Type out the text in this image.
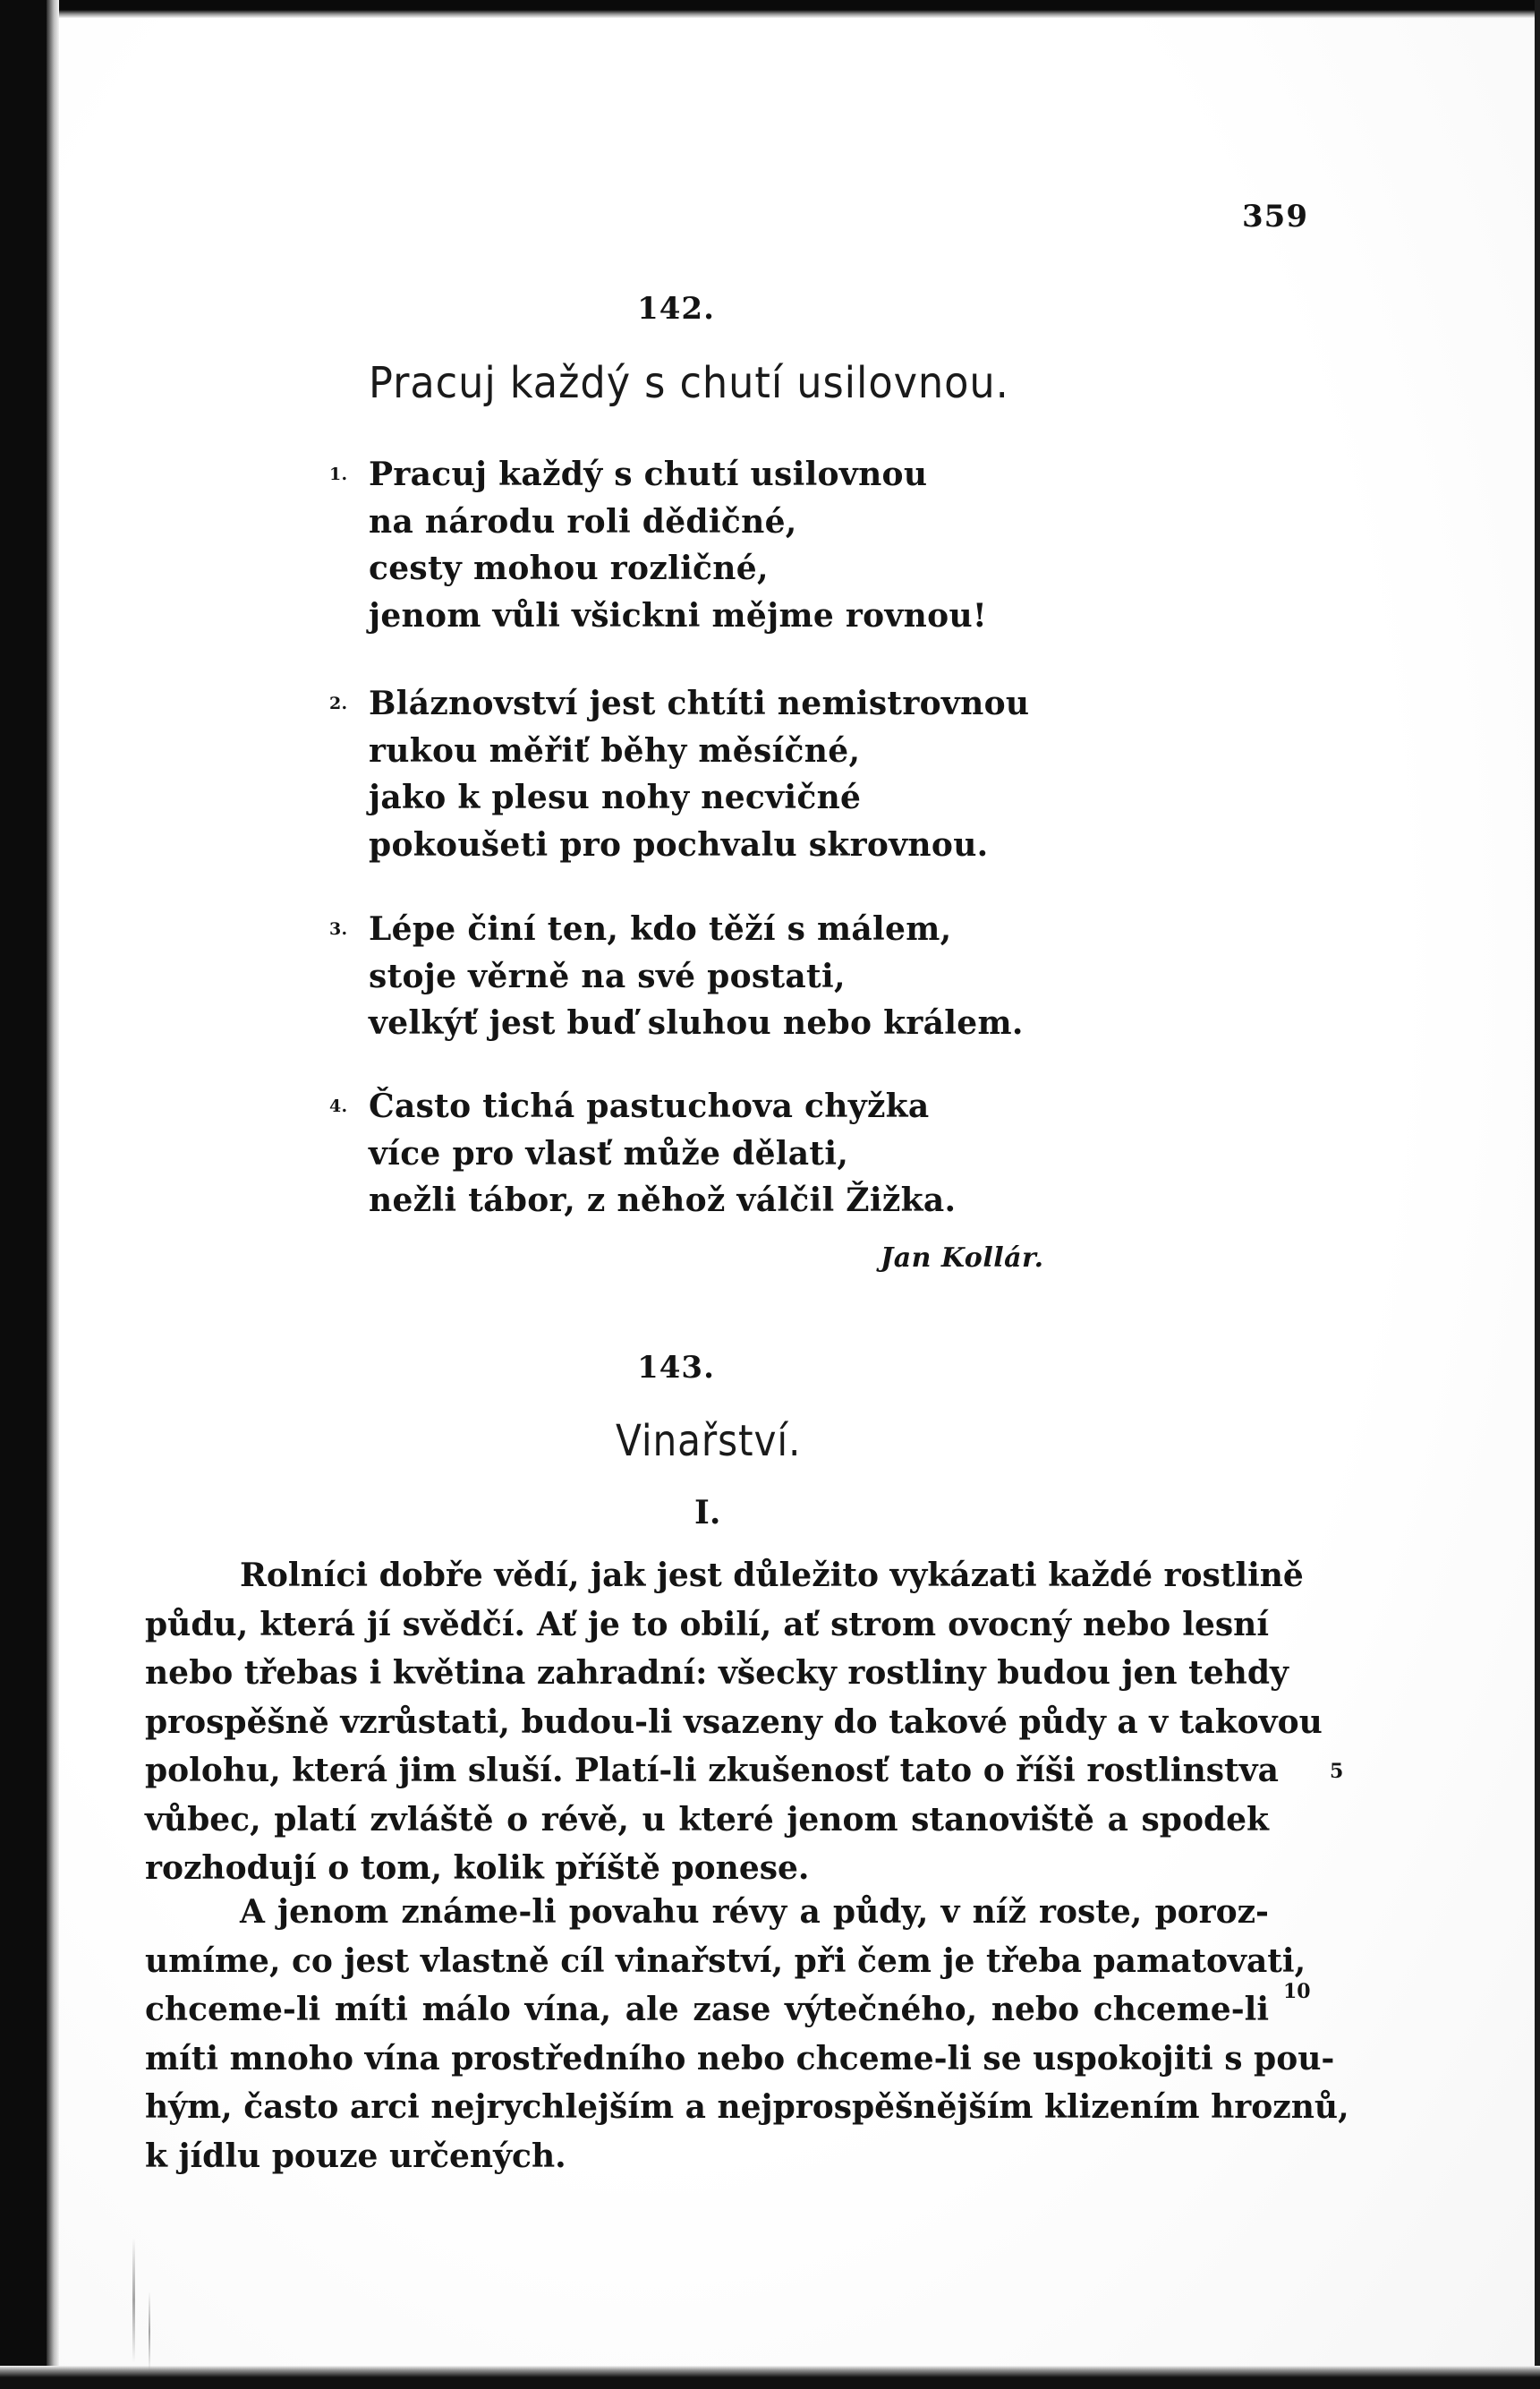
359
142.
Pracuj každý s chutí usilovnou.
1. Pracuj každý s chutí usilovnou
na národu roli dědičné,
cesty mohou rozličné,
jenom vůli všickni mějme rovnou!
2. Bláznovství jest chtíti nemistrovnou
rukou měřiť běhy měsíčné,
jako k plesu nohy necvičné
pokoušeti pro pochvalu skrovnou.
3. Lépe činí ten, kdo těží s málem,
stoje věrně na své postati,
velkýť jest buď sluhou nebo králem.
4. Často tichá pastuchova chyžka
více pro vlasť může dělati,
nežli tábor, z něhož válčil Žižka.
Jan Kollár.
143.
Vinařství.
I.
Rolníci dobře vědí, jak jest důležito vykázati každé rostlině
půdu, která jí svědčí. Ať je to obilí, ať strom ovocný nebo lesní
nebo třebas i květina zahradní: všecky rostliny budou jen tehdy
prospěšně vzrůstati, budou-li vsazeny do takové půdy a v takovou
polohu, která jim sluší. Platí-li zkušenosť tato o říši rostlinstva
vůbec, platí zvláště o révě, u které jenom stanoviště a spodek
rozhodují o tom, kolik příště ponese.
A jenom známe-li povahu révy a půdy, v níž roste, poroz-
umíme, co jest vlastně cíl vinařství, při čem je třeba pamatovati,
chceme-li míti málo vína, ale zase výtečného, nebo chceme-li
míti mnoho vína prostředního nebo chceme-li se uspokojiti s pou-
hým, často arci nejrychlejším a nejprospěšnějším klizením hroznů,
k jídlu pouze určených.
5
10
